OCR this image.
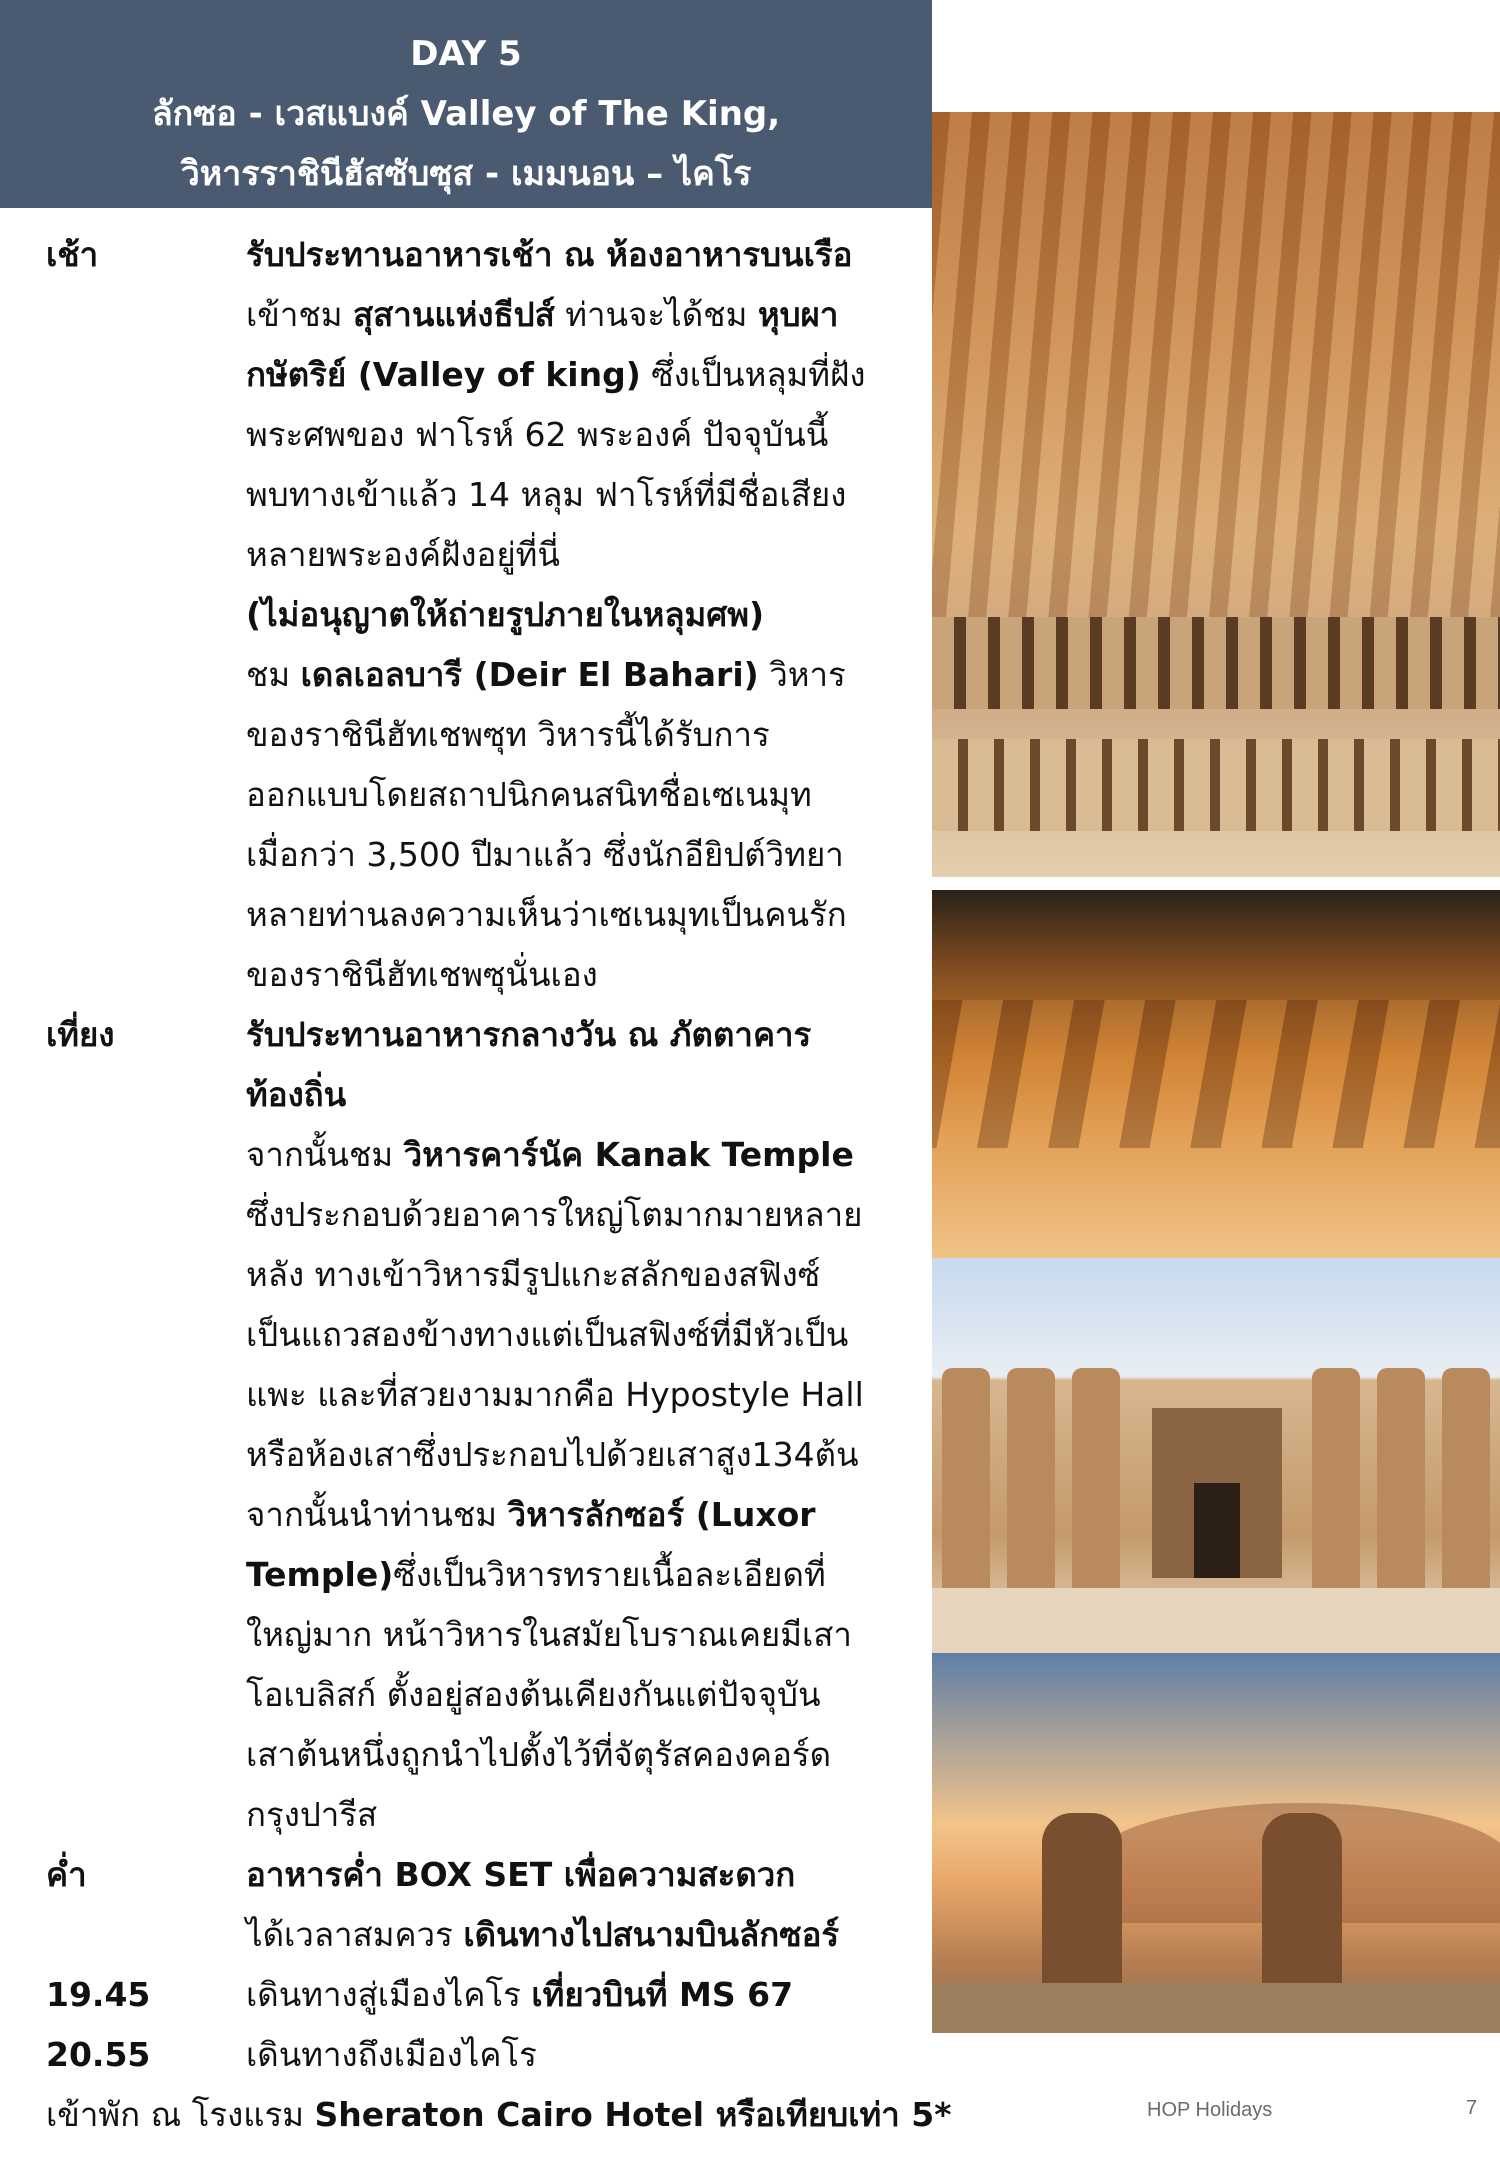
DAY 5
ลักซอ - เวสแบงค์ Valley of The King,
วิหารราชินีฮัสซับซุส - เมมนอน – ไคโร
เช้า	รับประทานอาหารเช้า ณ ห้องอาหารบนเรือ
เข้าชม สุสานแห่งธีปส์ ท่านจะได้ชม หุบผา
กษัตริย์ (Valley of king) ซึ่งเป็นหลุมที่ฝัง
พระศพของ ฟาโรห์ 62 พระองค์ ปัจจุบันนี้
พบทางเข้าแล้ว 14 หลุม ฟาโรห์ที่มีชื่อเสียง
หลายพระองค์ฝังอยู่ที่นี่
(ไม่อนุญาตให้ถ่ายรูปภายในหลุมศพ)
ชม เดลเอลบารี (Deir El Bahari) วิหาร
ของราชินีฮัทเชพซุท วิหารนี้ได้รับการ
ออกแบบโดยสถาปนิกคนสนิทชื่อเซเนมุท
เมื่อกว่า 3,500 ปีมาแล้ว ซึ่งนักอียิปต์วิทยา
หลายท่านลงความเห็นว่าเซเนมุทเป็นคนรัก
ของราชินีฮัทเชพซุนั่นเอง
เที่ยง	รับประทานอาหารกลางวัน ณ ภัตตาคาร
ท้องถิ่น
จากนั้นชม วิหารคาร์นัค Kanak Temple
ซึ่งประกอบด้วยอาคารใหญ่โตมากมายหลาย
หลัง ทางเข้าวิหารมีรูปแกะสลักของสฟิงซ์
เป็นแถวสองข้างทางแต่เป็นสฟิงซ์ที่มีหัวเป็น
แพะ และที่สวยงามมากคือ Hypostyle Hall
หรือห้องเสาซึ่งประกอบไปด้วยเสาสูง134ต้น
จากนั้นนำท่านชม วิหารลักซอร์ (Luxor
Temple)ซึ่งเป็นวิหารทรายเนื้อละเอียดที่
ใหญ่มาก หน้าวิหารในสมัยโบราณเคยมีเสา
โอเบลิสก์ ตั้งอยู่สองต้นเคียงกันแต่ปัจจุบัน
เสาต้นหนึ่งถูกนำไปตั้งไว้ที่จัตุรัสคองคอร์ด
กรุงปารีส
ค่ำ	อาหารค่ำ BOX SET เพื่อความสะดวก
ได้เวลาสมควร เดินทางไปสนามบินลักซอร์
19.45	เดินทางสู่เมืองไคโร เที่ยวบินที่ MS 67
20.55	เดินทางถึงเมืองไคโร
เข้าพัก ณ โรงแรม Sheraton Cairo Hotel หรือเทียบเท่า 5*	HOP Holidays	7
